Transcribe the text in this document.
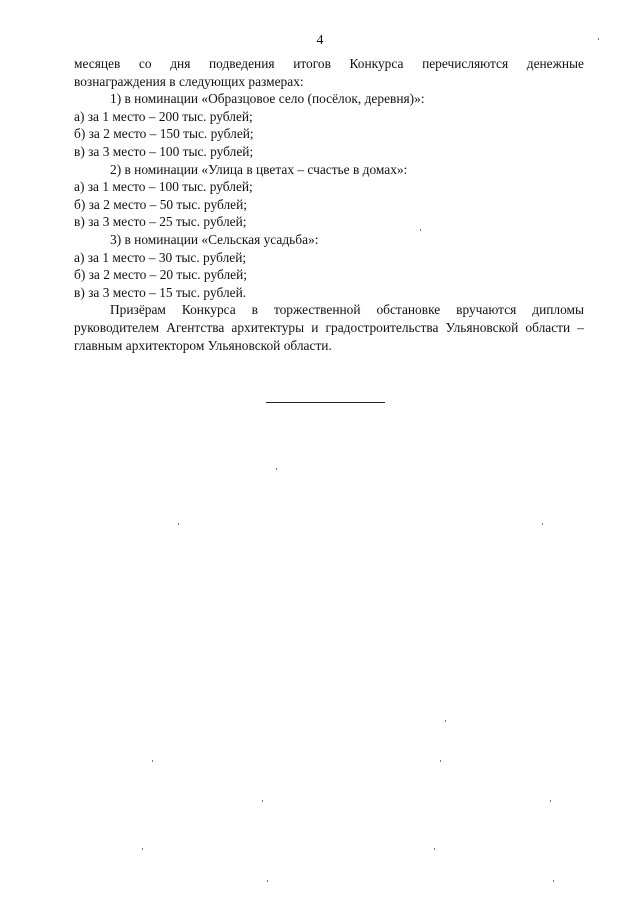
4

месяцев со дня подведения итогов Конкурса перечисляются денежные

вознаграждения в следующих размерах:

1) в номинации «Образцовое село (посёлок, деревня)»:

а) за 1 место – 200 тыс. рублей;

б) за 2 место – 150 тыс. рублей;

в) за 3 место – 100 тыс. рублей;

2) в номинации «Улица в цветах – счастье в домах»:

а) за 1 место – 100 тыс. рублей;

б) за 2 место – 50 тыс. рублей;

в) за 3 место – 25 тыс. рублей;

3) в номинации «Сельская усадьба»:

а) за 1 место – 30 тыс. рублей;

б) за 2 место – 20 тыс. рублей;

в) за 3 место – 15 тыс. рублей.

Призёрам Конкурса в торжественной обстановке вручаются дипломы руководителем Агентства архитектуры и градостроительства Ульяновской области – главным архитектором Ульяновской области.
